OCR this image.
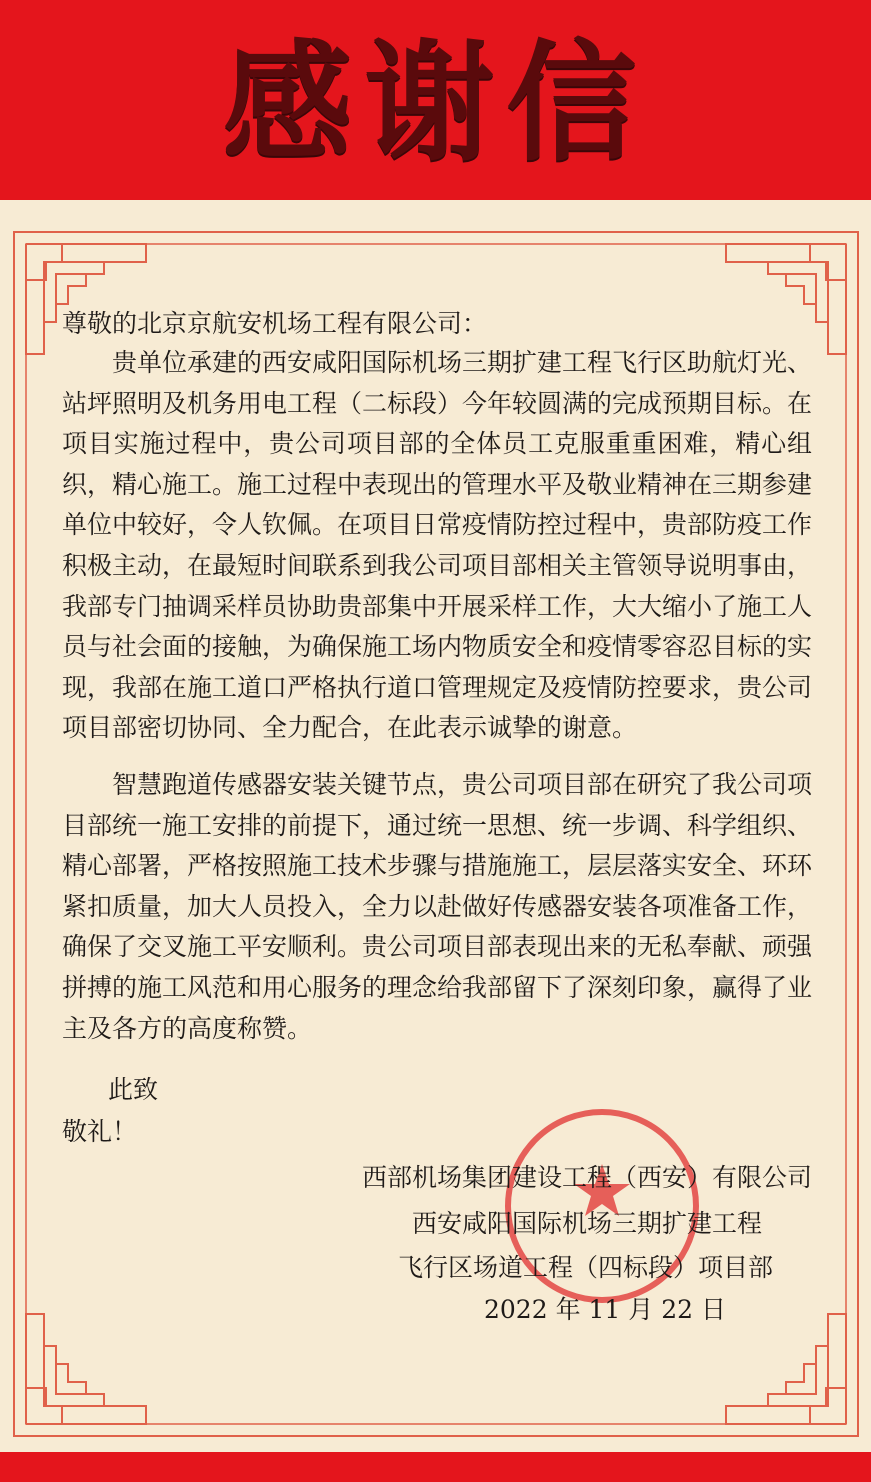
感谢信
尊敬的北京京航安机场工程有限公司：
贵单位承建的西安咸阳国际机场三期扩建工程飞行区助航灯光、站坪照明及机务用电工程（二标段）今年较圆满的完成预期目标。在项目实施过程中，贵公司项目部的全体员工克服重重困难，精心组织，精心施工。施工过程中表现出的管理水平及敬业精神在三期参建单位中较好，令人钦佩。在项目日常疫情防控过程中，贵部防疫工作积极主动，在最短时间联系到我公司项目部相关主管领导说明事由，我部专门抽调采样员协助贵部集中开展采样工作，大大缩小了施工人员与社会面的接触，为确保施工场内物质安全和疫情零容忍目标的实现，我部在施工道口严格执行道口管理规定及疫情防控要求，贵公司项目部密切协同、全力配合，在此表示诚挚的谢意。
智慧跑道传感器安装关键节点，贵公司项目部在研究了我公司项目部统一施工安排的前提下，通过统一思想、统一步调、科学组织、精心部署，严格按照施工技术步骤与措施施工，层层落实安全、环环紧扣质量，加大人员投入，全力以赴做好传感器安装各项准备工作，确保了交叉施工平安顺利。贵公司项目部表现出来的无私奉献、顽强拼搏的施工风范和用心服务的理念给我部留下了深刻印象，赢得了业主及各方的高度称赞。
此致
敬礼！
西部机场集团建设工程（西安）有限公司
西安咸阳国际机场三期扩建工程
飞行区场道工程（四标段）项目部
2022 年 11 月 22 日
